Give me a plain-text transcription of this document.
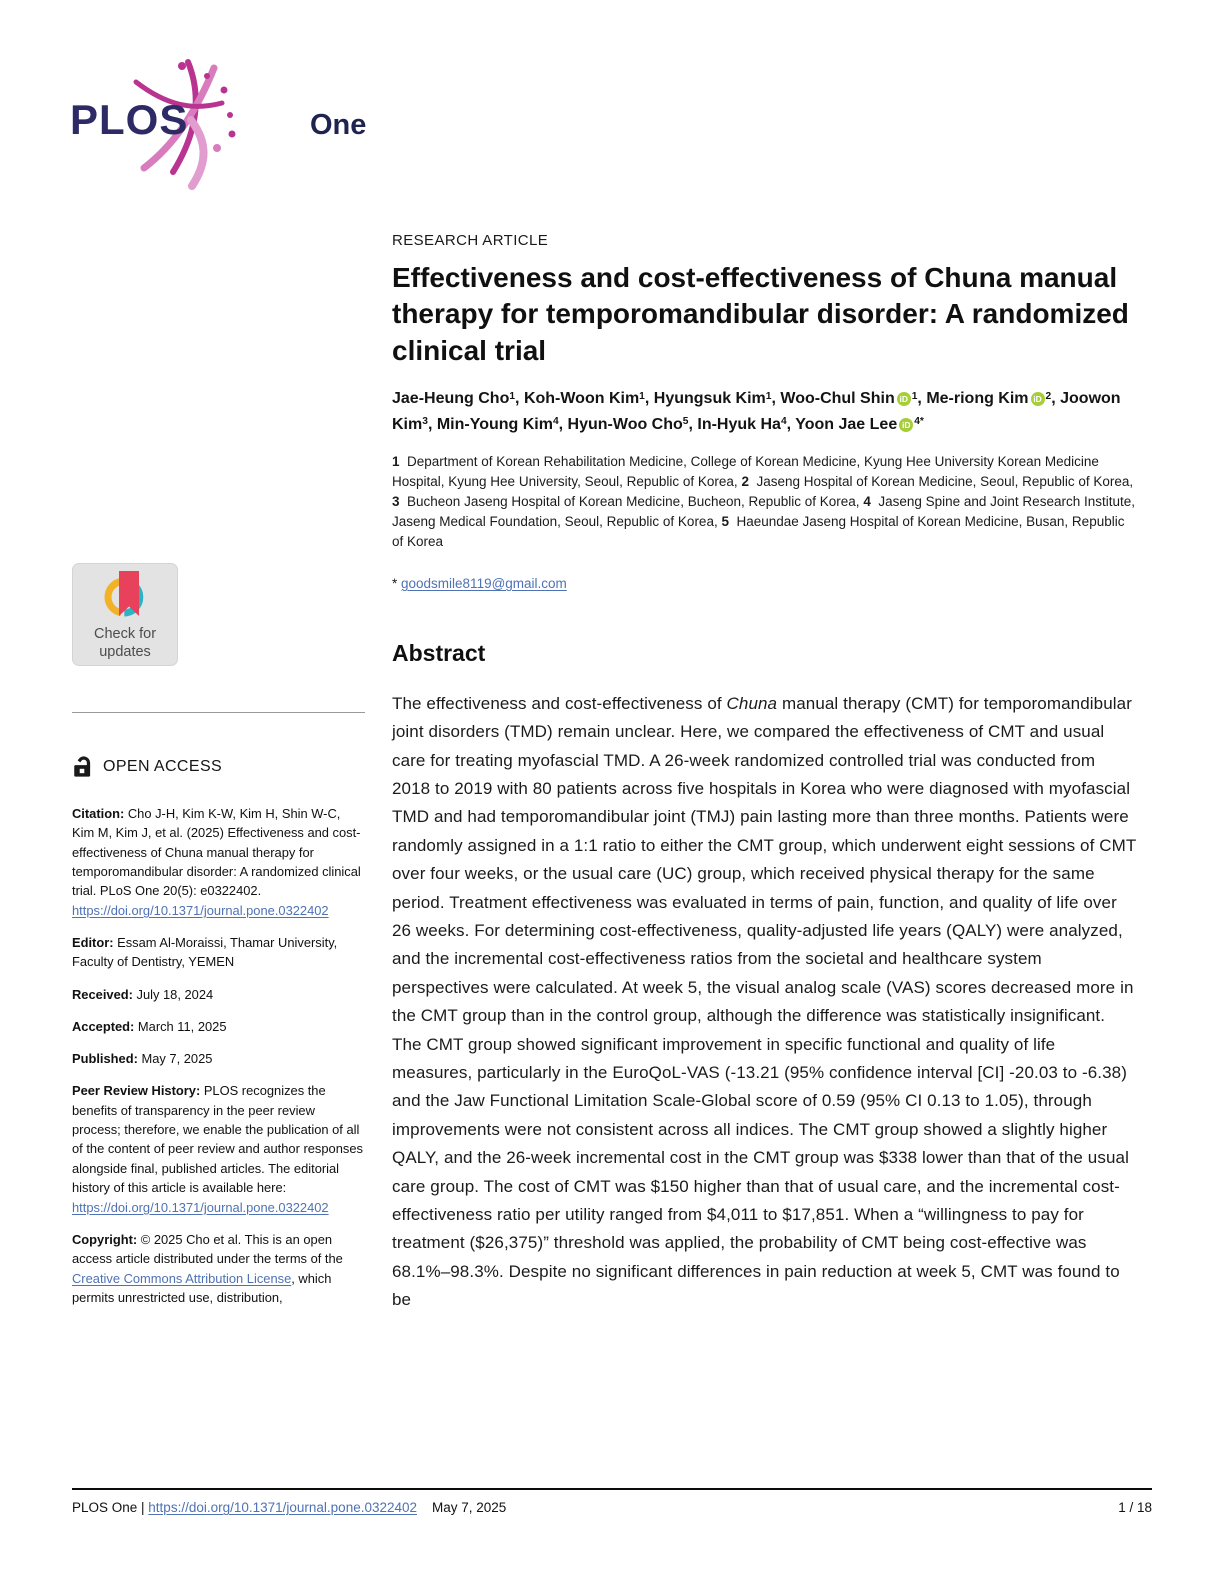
PLOS	One
Check for
updates
OPEN ACCESS

Citation: Cho J-H, Kim K-W, Kim H, Shin W-C, Kim M, Kim J, et al. (2025) Effectiveness and cost-effectiveness of Chuna manual therapy for temporomandibular disorder: A randomized clinical trial. PLoS One 20(5): e0322402. https://doi.org/10.1371/journal.pone.0322402

Editor: Essam Al-Moraissi, Thamar University, Faculty of Dentistry, YEMEN

Received: July 18, 2024

Accepted: March 11, 2025

Published: May 7, 2025

Peer Review History: PLOS recognizes the benefits of transparency in the peer review process; therefore, we enable the publication of all of the content of peer review and author responses alongside final, published articles. The editorial history of this article is available here: https://doi.org/10.1371/journal.pone.0322402

Copyright: © 2025 Cho et al. This is an open access article distributed under the terms of the Creative Commons Attribution License, which permits unrestricted use, distribution,

RESEARCH ARTICLE
Effectiveness and cost-effectiveness of Chuna manual therapy for temporomandibular disorder: A randomized clinical trial

Jae-Heung Cho$^1$, Koh-Woon Kim$^1$, Hyungsuk Kim$^1$, Woo-Chul Shin iD $^1$, Me-riong Kim iD $^2$, Joowon Kim$^3$, Min-Young Kim$^4$, Hyun-Woo Cho$^5$, In-Hyuk Ha$^4$, Yoon Jae Lee iD $^{4*}$

1  Department of Korean Rehabilitation Medicine, College of Korean Medicine, Kyung Hee University Korean Medicine Hospital, Kyung Hee University, Seoul, Republic of Korea, 2  Jaseng Hospital of Korean Medicine, Seoul, Republic of Korea, 3  Bucheon Jaseng Hospital of Korean Medicine, Bucheon, Republic of Korea, 4  Jaseng Spine and Joint Research Institute, Jaseng Medical Foundation, Seoul, Republic of Korea, 5  Haeundae Jaseng Hospital of Korean Medicine, Busan, Republic of Korea

* goodsmile8119@gmail.com

Abstract

The effectiveness and cost-effectiveness of Chuna manual therapy (CMT) for temporomandibular joint disorders (TMD) remain unclear. Here, we compared the effectiveness of CMT and usual care for treating myofascial TMD. A 26-week randomized controlled trial was conducted from 2018 to 2019 with 80 patients across five hospitals in Korea who were diagnosed with myofascial TMD and had temporomandibular joint (TMJ) pain lasting more than three months. Patients were randomly assigned in a 1:1 ratio to either the CMT group, which underwent eight sessions of CMT over four weeks, or the usual care (UC) group, which received physical therapy for the same period. Treatment effectiveness was evaluated in terms of pain, function, and quality of life over 26 weeks. For determining cost-effectiveness, quality-adjusted life years (QALY) were analyzed, and the incremental cost-effectiveness ratios from the societal and healthcare system perspectives were calculated. At week 5, the visual analog scale (VAS) scores decreased more in the CMT group than in the control group, although the difference was statistically insignificant. The CMT group showed significant improvement in specific functional and quality of life measures, particularly in the EuroQoL-VAS (-13.21 (95% confidence interval [CI] -20.03 to -6.38) and the Jaw Functional Limitation Scale-Global score of 0.59 (95% CI 0.13 to 1.05), through improvements were not consistent across all indices. The CMT group showed a slightly higher QALY, and the 26-week incremental cost in the CMT group was $338 lower than that of the usual care group. The cost of CMT was $150 higher than that of usual care, and the incremental cost-effectiveness ratio per utility ranged from $4,011 to $17,851. When a “willingness to pay for treatment ($26,375)” threshold was applied, the probability of CMT being cost-effective was 68.1%–98.3%. Despite no significant differences in pain reduction at week 5, CMT was found to be

PLOS One | https://doi.org/10.1371/journal.pone.0322402 May 7, 2025	1 / 18
